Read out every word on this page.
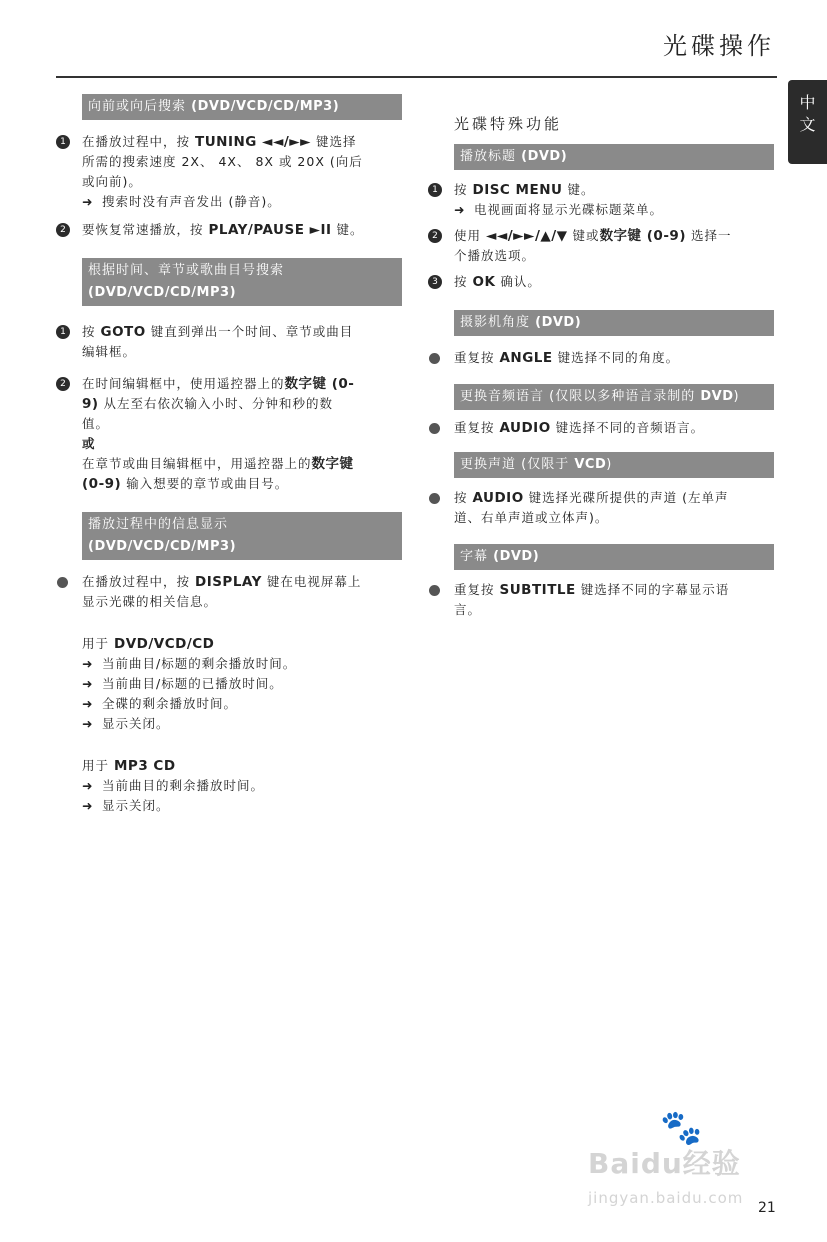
光碟操作
中文
向前或向后搜索 (DVD/VCD/CD/MP3)
1	在播放过程中，按 TUNING ◄◄/►► 键选择
所需的搜索速度 2X、 4X、 8X 或 20X (向后
或向前)。
➜ 搜索时没有声音发出 (静音)。
2	要恢复常速播放，按 PLAY/PAUSE ►II 键。
根据时间、章节或歌曲目号搜索
(DVD/VCD/CD/MP3)
1	按 GOTO 键直到弹出一个时间、章节或曲目
编辑框。
2	在时间编辑框中，使用遥控器上的数字键 (0-
9) 从左至右依次输入小时、分钟和秒的数
值。
或
在章节或曲目编辑框中，用遥控器上的数字键
(0-9) 输入想要的章节或曲目号。
播放过程中的信息显示
(DVD/VCD/CD/MP3)
在播放过程中，按 DISPLAY 键在电视屏幕上
显示光碟的相关信息。
用于 DVD/VCD/CD
➜ 当前曲目/标题的剩余播放时间。
➜ 当前曲目/标题的已播放时间。
➜ 全碟的剩余播放时间。
➜ 显示关闭。
用于 MP3 CD
➜ 当前曲目的剩余播放时间。
➜ 显示关闭。
光碟特殊功能
播放标题 (DVD)
1	按 DISC MENU 键。
➜ 电视画面将显示光碟标题菜单。
2	使用 ◄◄/►►/▲/▼ 键或数字键 (0-9) 选择一
个播放选项。
3	按 OK 确认。
摄影机角度 (DVD)
重复按 ANGLE 键选择不同的角度。
更换音频语言 (仅限以多种语言录制的 DVD)
重复按 AUDIO 键选择不同的音频语言。
更换声道 (仅限于 VCD)
按 AUDIO 键选择光碟所提供的声道 (左单声
道、右单声道或立体声)。
字幕 (DVD)
重复按 SUBTITLE 键选择不同的字幕显示语
言。
🐾
Baidu经验
jingyan.baidu.com
21
